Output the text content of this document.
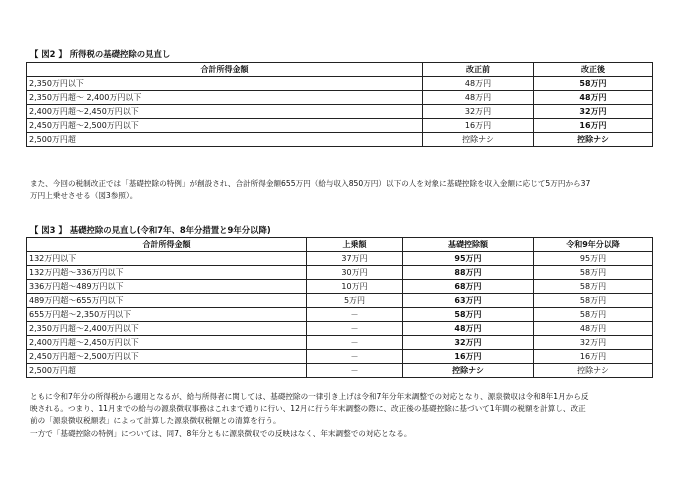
【 図2 】 所得税の基礎控除の見直し
合計所得金額	改正前	改正後
2,350万円以下	48万円	58万円
2,350万円超～ 2,400万円以下	48万円	48万円
2,400万円超～2,450万円以下	32万円	32万円
2,450万円超～2,500万円以下	16万円	16万円
2,500万円超	控除ナシ	控除ナシ
また、今回の税制改正では「基礎控除の特例」が創設され、合計所得金額655万円（給与収入850万円）以下の人を対象に基礎控除を収入金額に応じて5万円から37
万円上乗せさせる（図3参照）。
【 図3 】 基礎控除の見直し(令和7年、8年分措置と9年分以降)
合計所得金額	上乗額	基礎控除額	令和9年分以降
132万円以下	37万円	95万円	95万円
132万円超～336万円以下	30万円	88万円	58万円
336万円超～489万円以下	10万円	68万円	58万円
489万円超～655万円以下	5万円	63万円	58万円
655万円超～2,350万円以下	－	58万円	58万円
2,350万円超～2,400万円以下	－	48万円	48万円
2,400万円超～2,450万円以下	－	32万円	32万円
2,450万円超～2,500万円以下	－	16万円	16万円
2,500万円超	－	控除ナシ	控除ナシ
ともに令和7年分の所得税から適用となるが、給与所得者に関しては、基礎控除の一律引き上げは令和7年分年末調整での対応となり、源泉徴収は令和8年1月から反
映される。つまり、11月までの給与の源泉徴収事務はこれまで通りに行い、12月に行う年末調整の際に、改正後の基礎控除に基づいて1年間の税額を計算し、改正
前の「源泉徴収税額表」によって計算した源泉徴収税額との清算を行う。
一方で「基礎控除の特例」については、同7、8年分ともに源泉徴収での反映はなく、年末調整での対応となる。
